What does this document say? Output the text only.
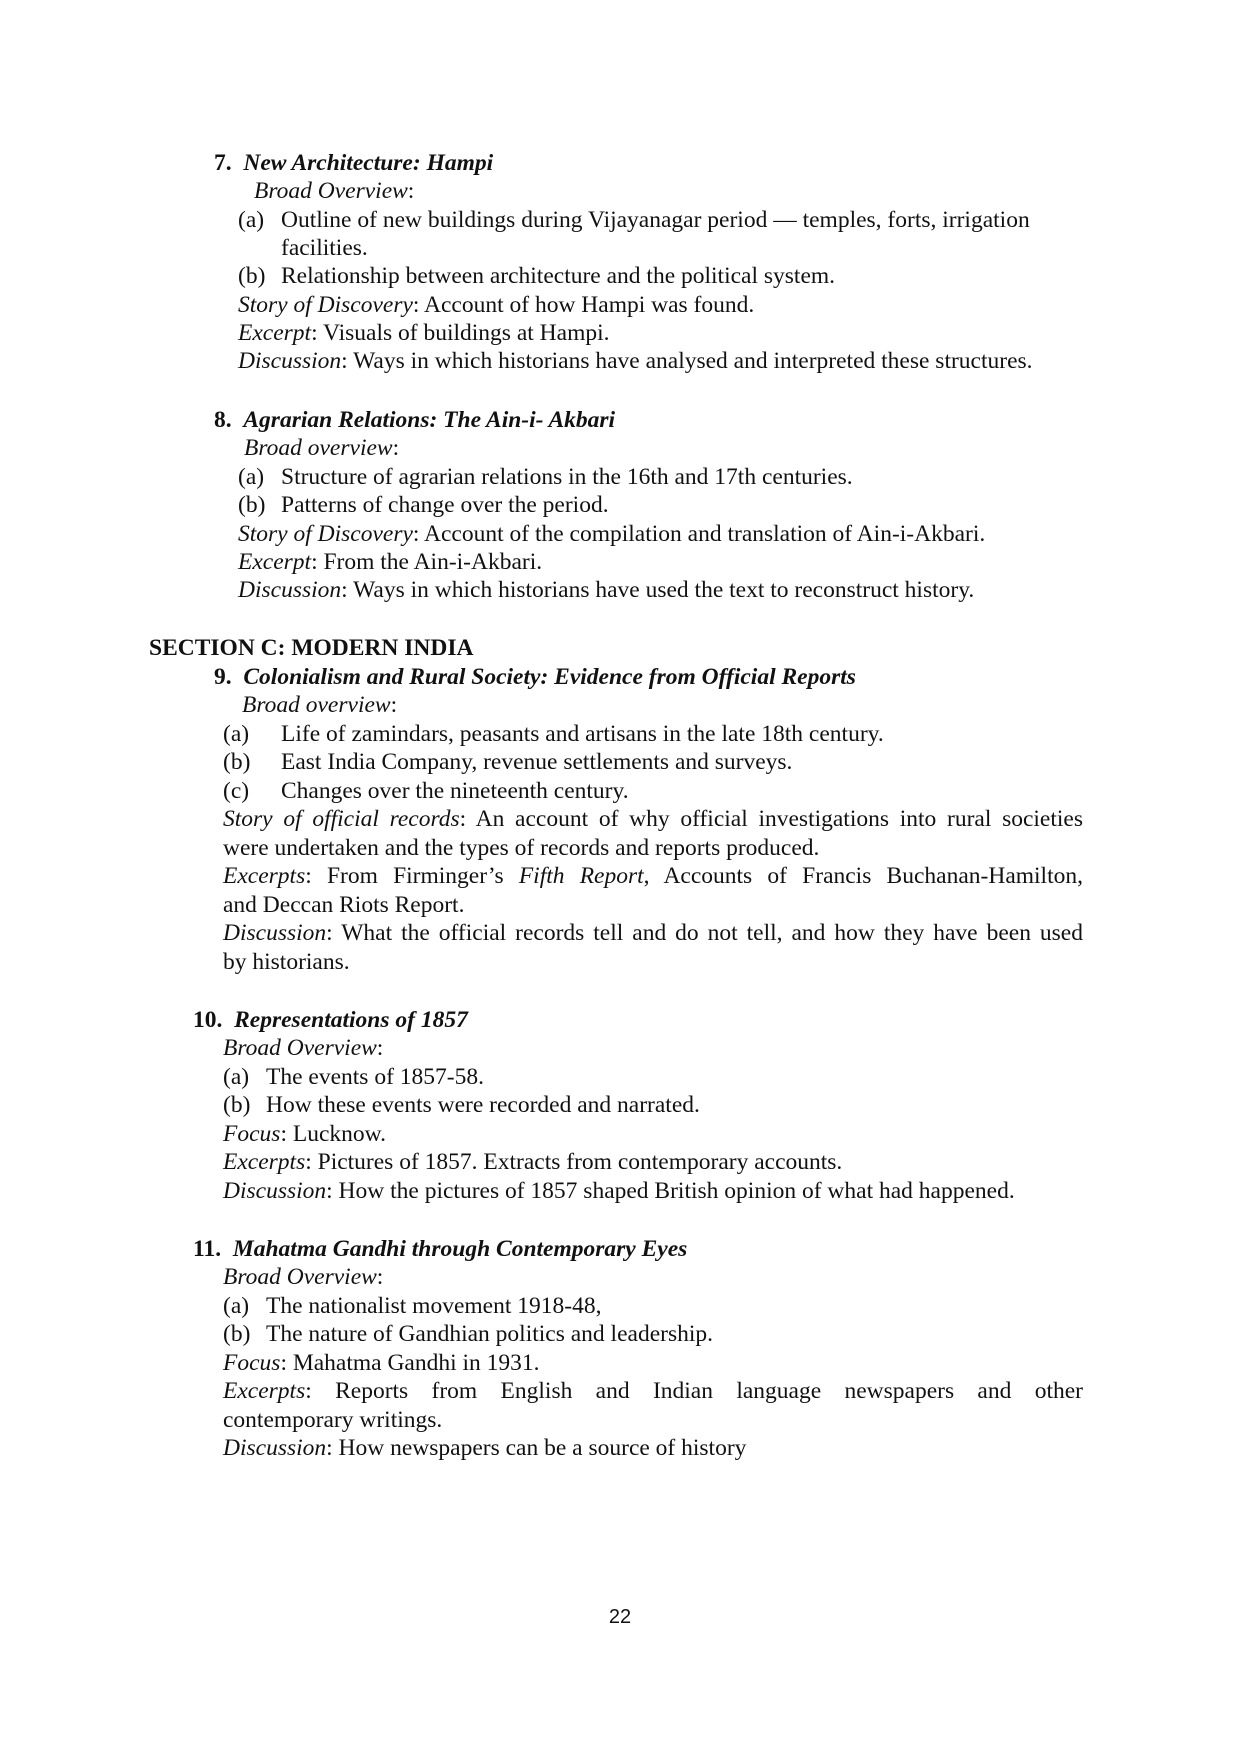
7. New Architecture: Hampi
Broad Overview:
(a) Outline of new buildings during Vijayanagar period — temples, forts, irrigation
facilities.
(b) Relationship between architecture and the political system.
Story of Discovery: Account of how Hampi was found.
Excerpt: Visuals of buildings at Hampi.
Discussion: Ways in which historians have analysed and interpreted these structures.
8. Agrarian Relations: The Ain-i- Akbari
Broad overview:
(a) Structure of agrarian relations in the 16th and 17th centuries.
(b) Patterns of change over the period.
Story of Discovery: Account of the compilation and translation of Ain-i-Akbari.
Excerpt: From the Ain-i-Akbari.
Discussion: Ways in which historians have used the text to reconstruct history.
SECTION C: MODERN INDIA
9. Colonialism and Rural Society: Evidence from Official Reports
Broad overview:
(a) Life of zamindars, peasants and artisans in the late 18th century.
(b) East India Company, revenue settlements and surveys.
(c) Changes over the nineteenth century.
Story of official records: An account of why official investigations into rural societies
were undertaken and the types of records and reports produced.
Excerpts: From Firminger’s Fifth Report, Accounts of Francis Buchanan-Hamilton,
and Deccan Riots Report.
Discussion: What the official records tell and do not tell, and how they have been used
by historians.
10. Representations of 1857
Broad Overview:
(a) The events of 1857-58.
(b) How these events were recorded and narrated.
Focus: Lucknow.
Excerpts: Pictures of 1857. Extracts from contemporary accounts.
Discussion: How the pictures of 1857 shaped British opinion of what had happened.
11. Mahatma Gandhi through Contemporary Eyes
Broad Overview:
(a) The nationalist movement 1918-48,
(b) The nature of Gandhian politics and leadership.
Focus: Mahatma Gandhi in 1931.
Excerpts: Reports from English and Indian language newspapers and other
contemporary writings.
Discussion: How newspapers can be a source of history
22
